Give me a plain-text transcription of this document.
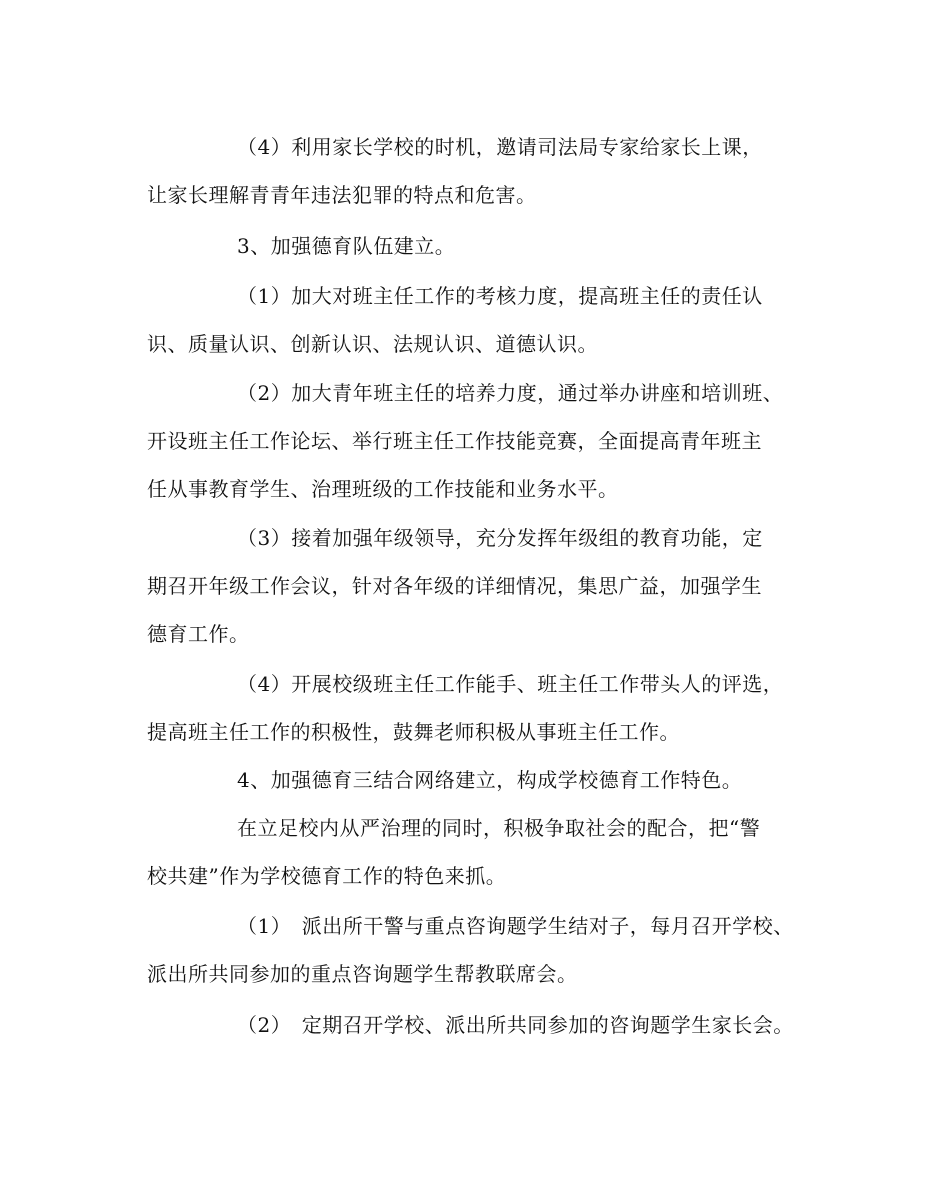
（4）利用家长学校的时机，邀请司法局专家给家长上课，
让家长理解青青年违法犯罪的特点和危害。
3、加强德育队伍建立。
（1）加大对班主任工作的考核力度，提高班主任的责任认
识、质量认识、创新认识、法规认识、道德认识。
（2）加大青年班主任的培养力度，通过举办讲座和培训班、
开设班主任工作论坛、举行班主任工作技能竞赛，全面提高青年班主
任从事教育学生、治理班级的工作技能和业务水平。
（3）接着加强年级领导，充分发挥年级组的教育功能，定
期召开年级工作会议，针对各年级的详细情况，集思广益，加强学生
德育工作。
（4）开展校级班主任工作能手、班主任工作带头人的评选，
提高班主任工作的积极性，鼓舞老师积极从事班主任工作。
4、加强德育三结合网络建立，构成学校德育工作特色。
在立足校内从严治理的同时，积极争取社会的配合，把“警
校共建”作为学校德育工作的特色来抓。
（1）　派出所干警与重点咨询题学生结对子，每月召开学校、
派出所共同参加的重点咨询题学生帮教联席会。
（2）　定期召开学校、派出所共同参加的咨询题学生家长会。
